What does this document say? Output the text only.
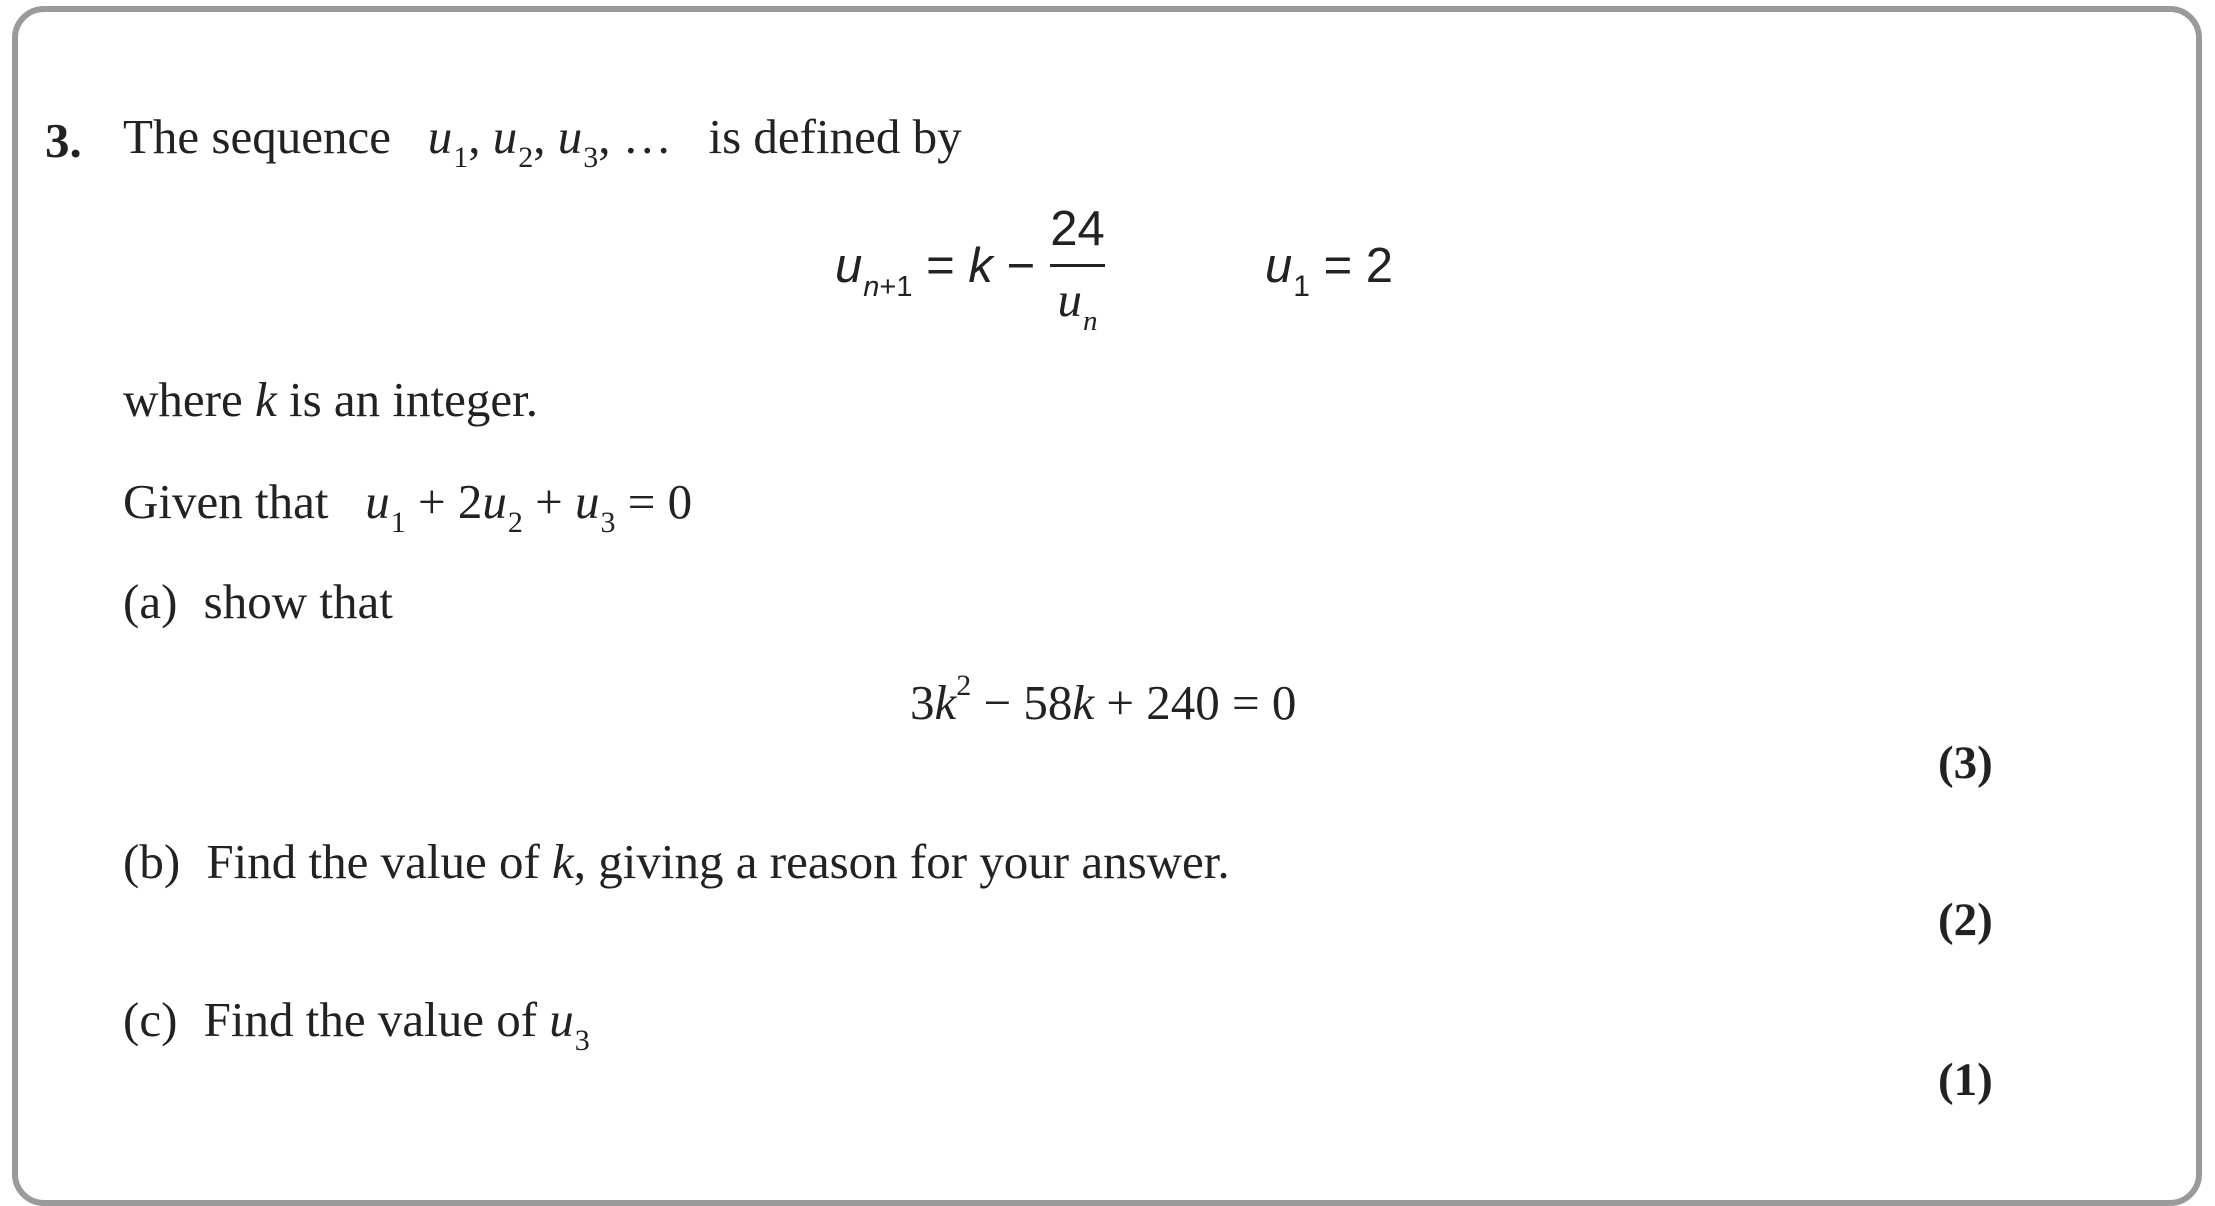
3. The sequence $u_1$, $u_2$, $u_3$, … is defined by
$u_{n+1} = k$ −
24
$u_n$
$u_1 = 2$
where k is an integer.
Given that $u_1 + 2u_2 + u_3 = 0$
(a) show that
$3k^2 - 58k + 240 = 0$
(3)
(b) Find the value of k, giving a reason for your answer.
(2)
(c) Find the value of $u_3$
(1)
